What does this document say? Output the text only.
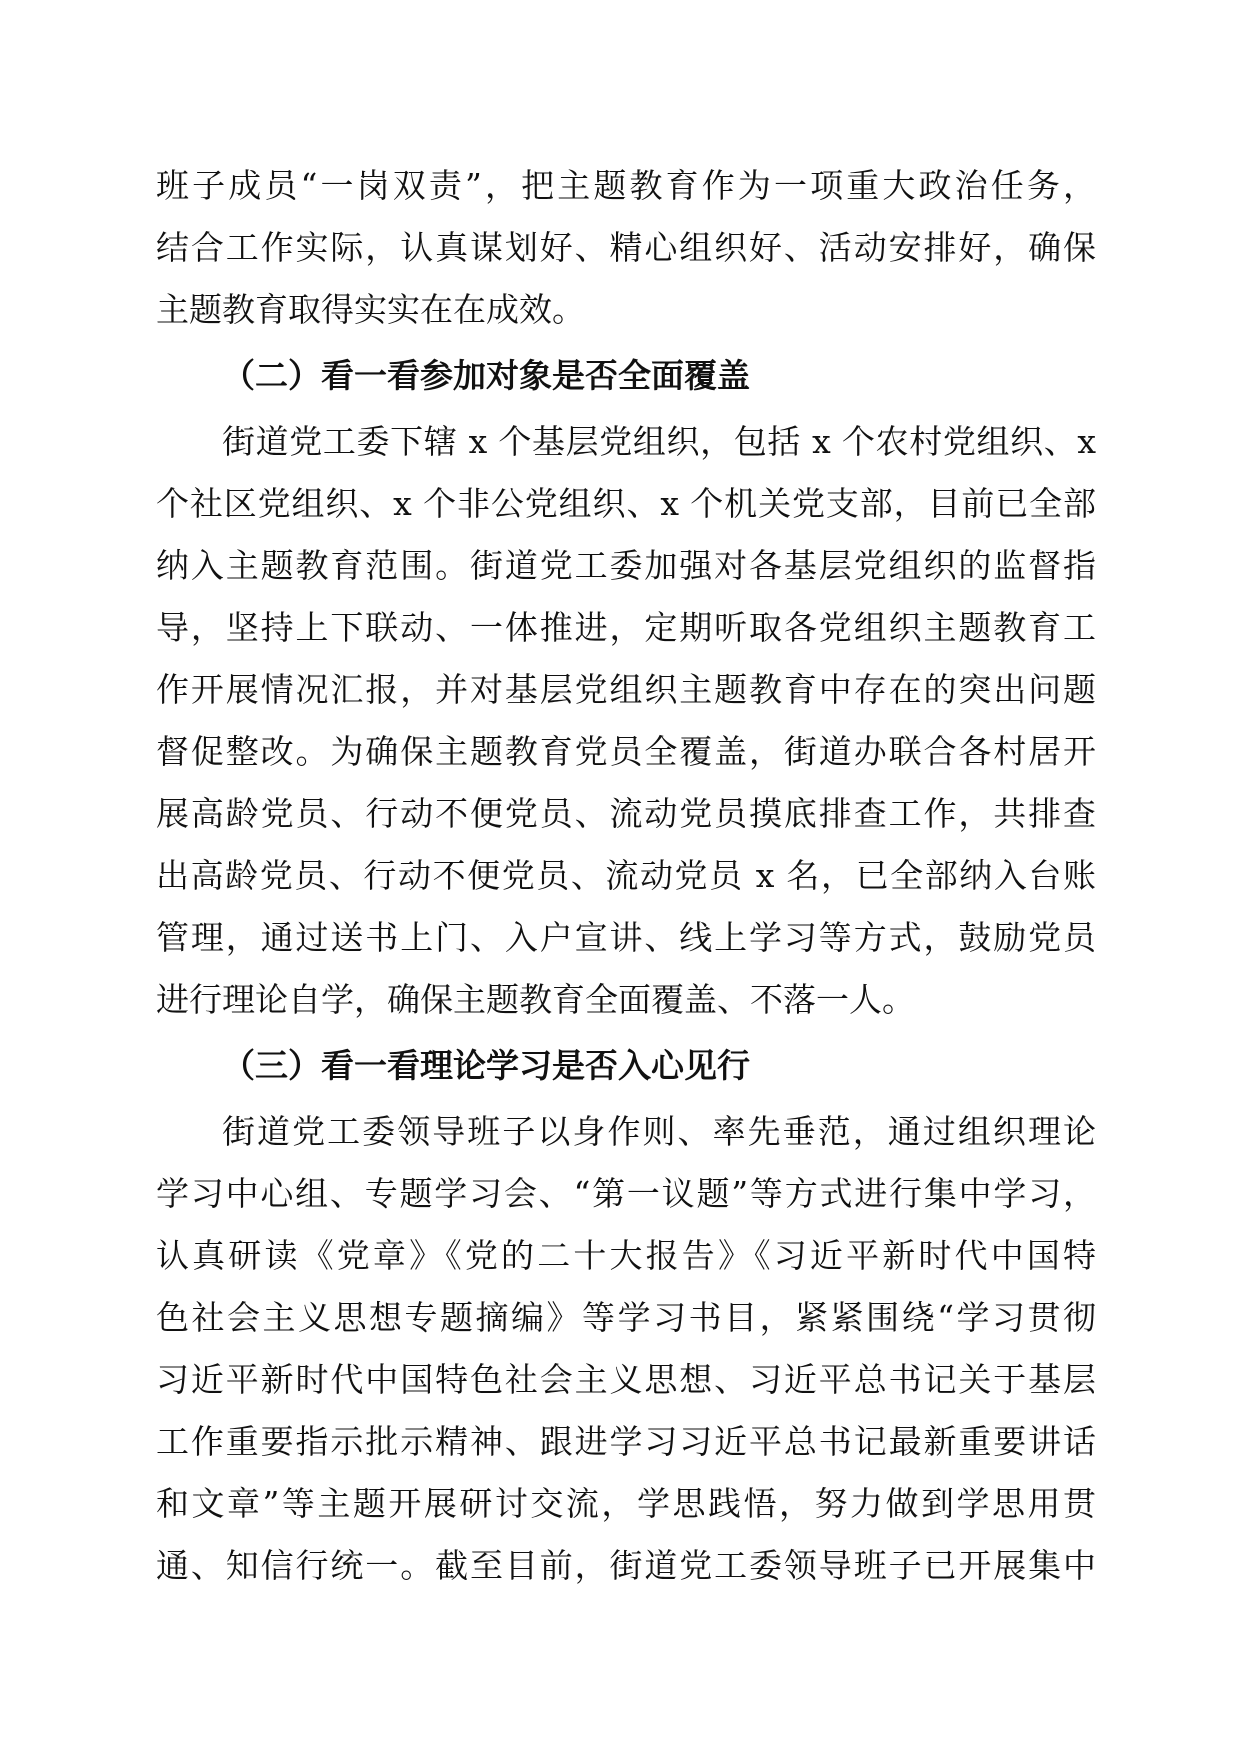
班子成员“一岗双责”，把主题教育作为一项重大政治任务，
结合工作实际，认真谋划好、精心组织好、活动安排好，确保
主题教育取得实实在在成效。
（二）看一看参加对象是否全面覆盖
街道党工委下辖 x 个基层党组织，包括 x 个农村党组织、x
个社区党组织、x 个非公党组织、x 个机关党支部，目前已全部
纳入主题教育范围。街道党工委加强对各基层党组织的监督指
导，坚持上下联动、一体推进，定期听取各党组织主题教育工
作开展情况汇报，并对基层党组织主题教育中存在的突出问题
督促整改。为确保主题教育党员全覆盖，街道办联合各村居开
展高龄党员、行动不便党员、流动党员摸底排查工作，共排查
出高龄党员、行动不便党员、流动党员 x 名，已全部纳入台账
管理，通过送书上门、入户宣讲、线上学习等方式，鼓励党员
进行理论自学，确保主题教育全面覆盖、不落一人。
（三）看一看理论学习是否入心见行
街道党工委领导班子以身作则、率先垂范，通过组织理论
学习中心组、专题学习会、“第一议题”等方式进行集中学习，
认真研读《党章》《党的二十大报告》《习近平新时代中国特
色社会主义思想专题摘编》等学习书目，紧紧围绕“学习贯彻
习近平新时代中国特色社会主义思想、习近平总书记关于基层
工作重要指示批示精神、跟进学习习近平总书记最新重要讲话
和文章”等主题开展研讨交流，学思践悟，努力做到学思用贯
通、知信行统一。截至目前，街道党工委领导班子已开展集中
